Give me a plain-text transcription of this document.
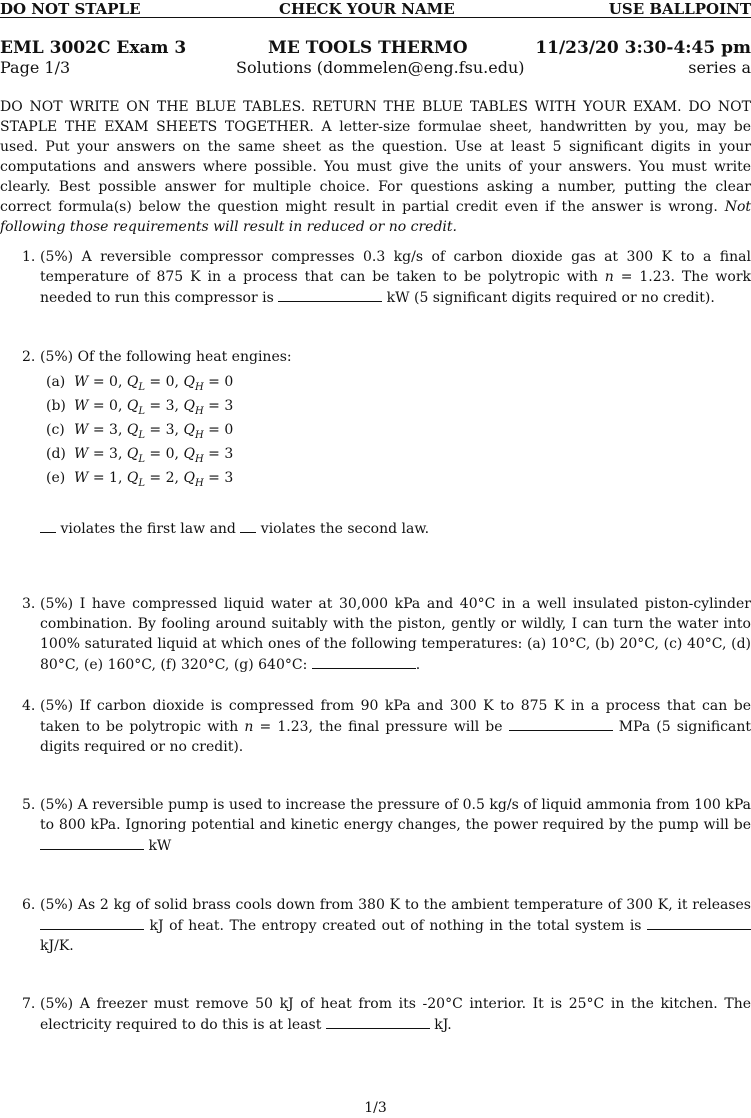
DO NOT STAPLE	CHECK YOUR NAME	USE BALLPOINT
EML 3002C Exam 3	ME TOOLS THERMO	11/23/20 3:30-4:45 pm
Page 1/3	Solutions (dommelen@eng.fsu.edu)	series a
DO NOT WRITE ON THE BLUE TABLES. RETURN THE BLUE TABLES WITH YOUR EXAM. DO NOT STAPLE THE EXAM SHEETS TOGETHER. A letter-size formulae sheet, handwritten by you, may be used. Put your answers on the same sheet as the question. Use at least 5 significant digits in your computations and answers where possible. You must give the units of your answers. You must write clearly. Best possible answer for multiple choice. For questions asking a number, putting the clear correct formula(s) below the question might result in partial credit even if the answer is wrong. Not following those requirements will result in reduced or no credit.
1. (5%) A reversible compressor compresses 0.3 kg/s of carbon dioxide gas at 300 K to a final temperature of 875 K in a process that can be taken to be polytropic with n = 1.23. The work needed to run this compressor is	kW (5 significant digits required or no credit).
2. (5%) Of the following heat engines:
(a) W = 0, $Q_L = 0$, $Q_H = 0$
(b) W = 0, $Q_L = 3$, $Q_H = 3$
(c) W = 3, $Q_L = 3$, $Q_H = 0$
(d) W = 3, $Q_L = 0$, $Q_H = 3$
(e) W = 1, $Q_L = 2$, $Q_H = 3$
violates the first law and  violates the second law.
3. (5%) I have compressed liquid water at 30,000 kPa and 40°C in a well insulated piston-cylinder combination. By fooling around suitably with the piston, gently or wildly, I can turn the water into 100% saturated liquid at which ones of the following temperatures: (a) 10°C, (b) 20°C, (c) 40°C, (d) 80°C, (e) 160°C, (f) 320°C, (g) 640°C:	.
4. (5%) If carbon dioxide is compressed from 90 kPa and 300 K to 875 K in a process that can be taken to be polytropic with n = 1.23, the final pressure will be	MPa (5 significant digits required or no credit).
5. (5%) A reversible pump is used to increase the pressure of 0.5 kg/s of liquid ammonia from 100 kPa to 800 kPa. Ignoring potential and kinetic energy changes, the power required by the pump will be  kW
6. (5%) As 2 kg of solid brass cools down from 380 K to the ambient temperature of 300 K, it releases  kJ of heat. The entropy created out of nothing in the total system is  kJ/K.
7. (5%) A freezer must remove 50 kJ of heat from its -20°C interior. It is 25°C in the kitchen. The electricity required to do this is at least	kJ.
1/3
